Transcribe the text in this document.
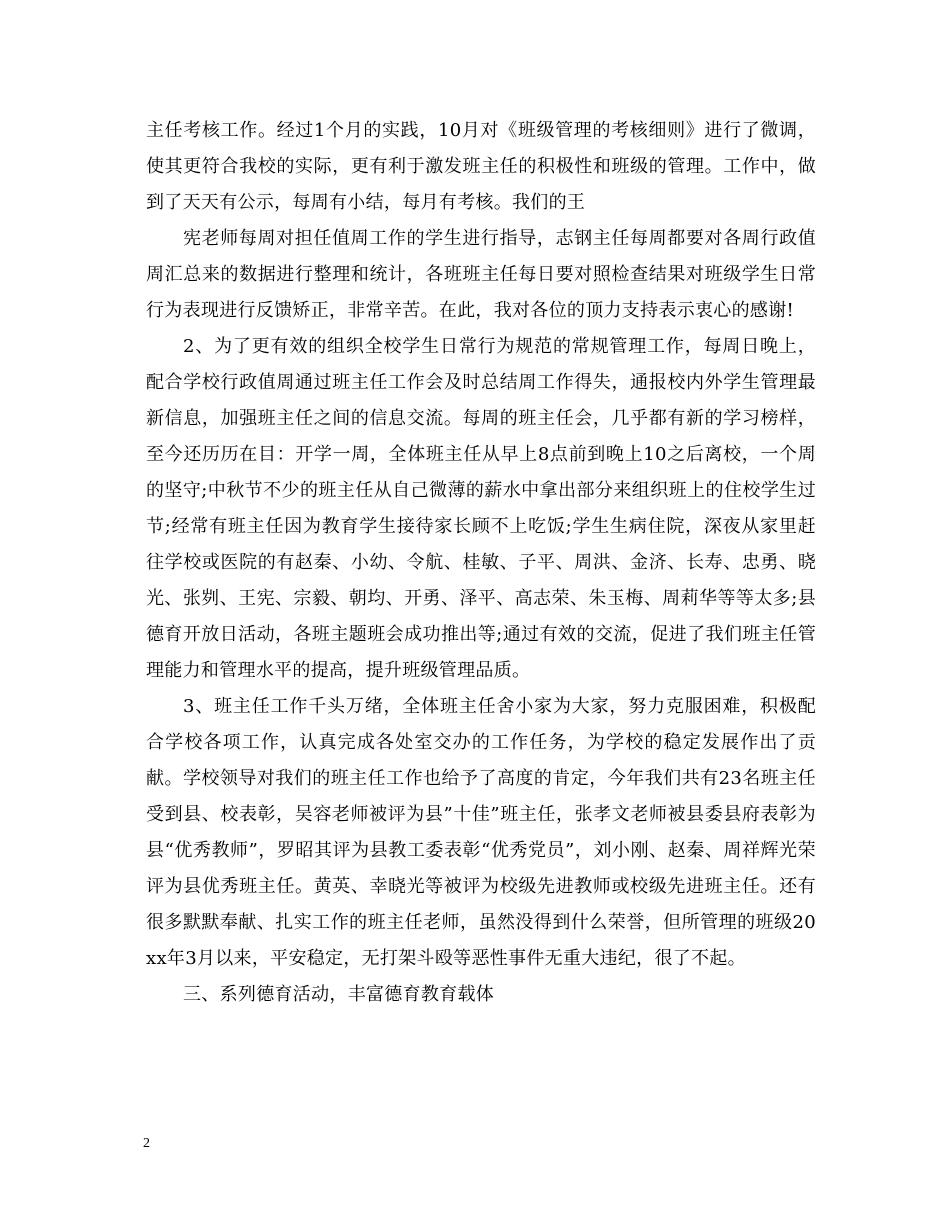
主任考核工作。经过1个月的实践，10月对《班级管理的考核细则》进行了微调，使其更符合我校的实际，更有利于激发班主任的积极性和班级的管理。工作中，做到了天天有公示，每周有小结，每月有考核。我们的王

宪老师每周对担任值周工作的学生进行指导，志钢主任每周都要对各周行政值周汇总来的数据进行整理和统计，各班班主任每日要对照检查结果对班级学生日常行为表现进行反馈矫正，非常辛苦。在此，我对各位的顶力支持表示衷心的感谢!

2、为了更有效的组织全校学生日常行为规范的常规管理工作，每周日晚上，配合学校行政值周通过班主任工作会及时总结周工作得失，通报校内外学生管理最新信息，加强班主任之间的信息交流。每周的班主任会，几乎都有新的学习榜样，至今还历历在目：开学一周，全体班主任从早上8点前到晚上10之后离校，一个周的坚守;中秋节不少的班主任从自己微薄的薪水中拿出部分来组织班上的住校学生过节;经常有班主任因为教育学生接待家长顾不上吃饭;学生生病住院，深夜从家里赶往学校或医院的有赵秦、小幼、令航、桂敏、子平、周洪、金济、长寿、忠勇、晓光、张刿、王宪、宗毅、朝均、开勇、泽平、高志荣、朱玉梅、周莉华等等太多;县德育开放日活动，各班主题班会成功推出等;通过有效的交流，促进了我们班主任管理能力和管理水平的提高，提升班级管理品质。

3、班主任工作千头万绪，全体班主任舍小家为大家，努力克服困难，积极配合学校各项工作，认真完成各处室交办的工作任务，为学校的稳定发展作出了贡献。学校领导对我们的班主任工作也给予了高度的肯定，今年我们共有23名班主任受到县、校表彰，吴容老师被评为县”十佳”班主任，张孝文老师被县委县府表彰为县“优秀教师”，罗昭其评为县教工委表彰“优秀党员”，刘小刚、赵秦、周祥辉光荣评为县优秀班主任。黄英、幸晓光等被评为校级先进教师或校级先进班主任。还有很多默默奉献、扎实工作的班主任老师，虽然没得到什么荣誉，但所管理的班级20xx年3月以来，平安稳定，无打架斗殴等恶性事件无重大违纪，很了不起。

三、系列德育活动，丰富德育教育载体

2
